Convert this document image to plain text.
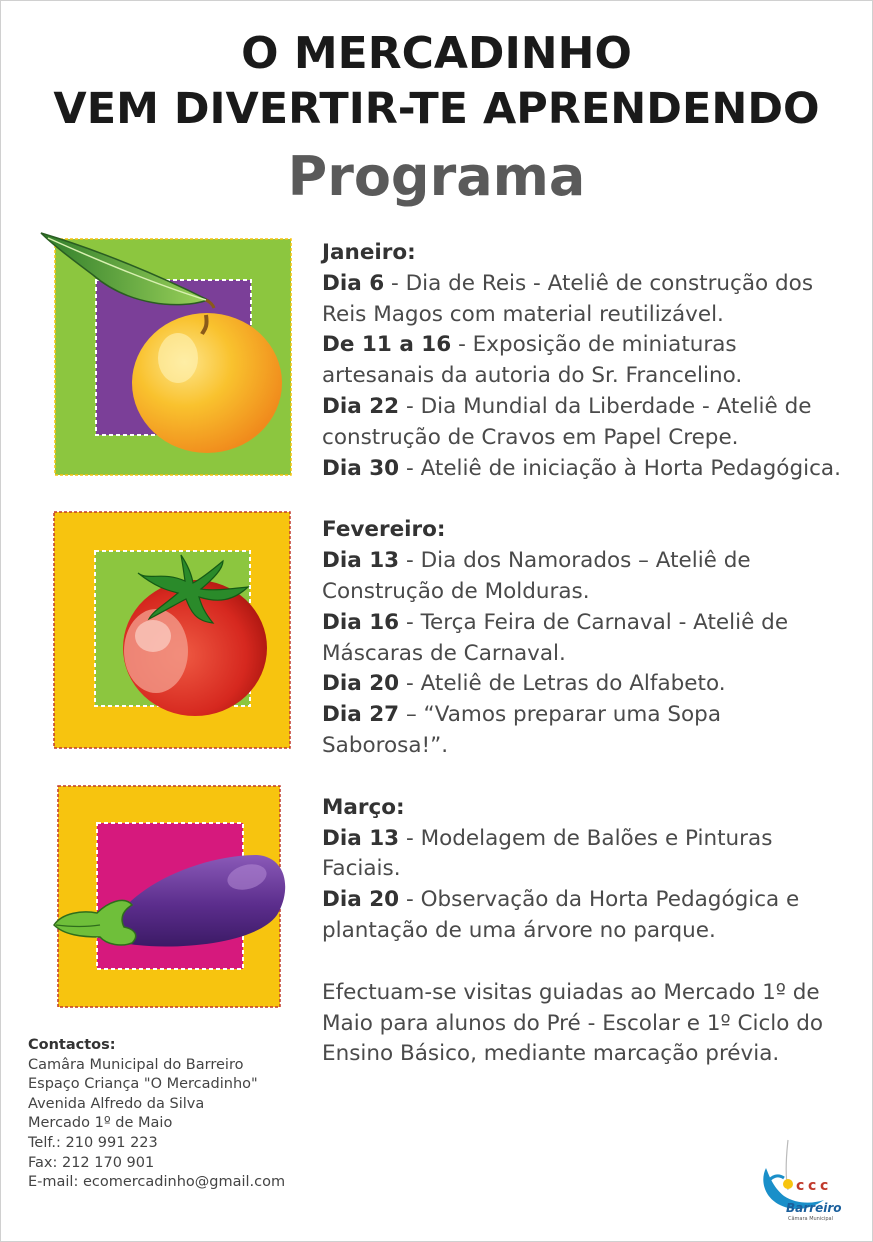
O MERCADINHO
VEM DIVERTIR-TE APRENDENDO
Programa

Janeiro:

Dia 6 - Dia de Reis - Ateliê de construção dos Reis Magos com material reutilizável.

De 11 a 16 - Exposição de miniaturas artesanais da autoria do Sr. Francelino.

Dia 22 - Dia Mundial da Liberdade - Ateliê de construção de Cravos em Papel Crepe.

Dia 30 - Ateliê de iniciação à Horta Pedagógica.

Fevereiro:

Dia 13 - Dia dos Namorados – Ateliê de Construção de Molduras.

Dia 16 - Terça Feira de Carnaval - Ateliê de Máscaras de Carnaval.

Dia 20 - Ateliê de Letras do Alfabeto.

Dia 27 – “Vamos preparar uma Sopa Saborosa!”.

Março:

Dia 13 - Modelagem de Balões e Pinturas Faciais.

Dia 20 - Observação da Horta Pedagógica e plantação de uma árvore no parque.

Efectuam-se visitas guiadas ao Mercado 1º de Maio para alunos do Pré - Escolar e 1º Ciclo do Ensino Básico, mediante marcação prévia.

Contactos:
Camâra Municipal do Barreiro
Espaço Criança "O Mercadinho"
Avenida Alfredo da Silva
Mercado 1º de Maio
Telf.: 210 991 223
Fax: 212 170 901
E-mail: ecomercadinho@gmail.com	c c c
Barreiro
Câmara Municipal
